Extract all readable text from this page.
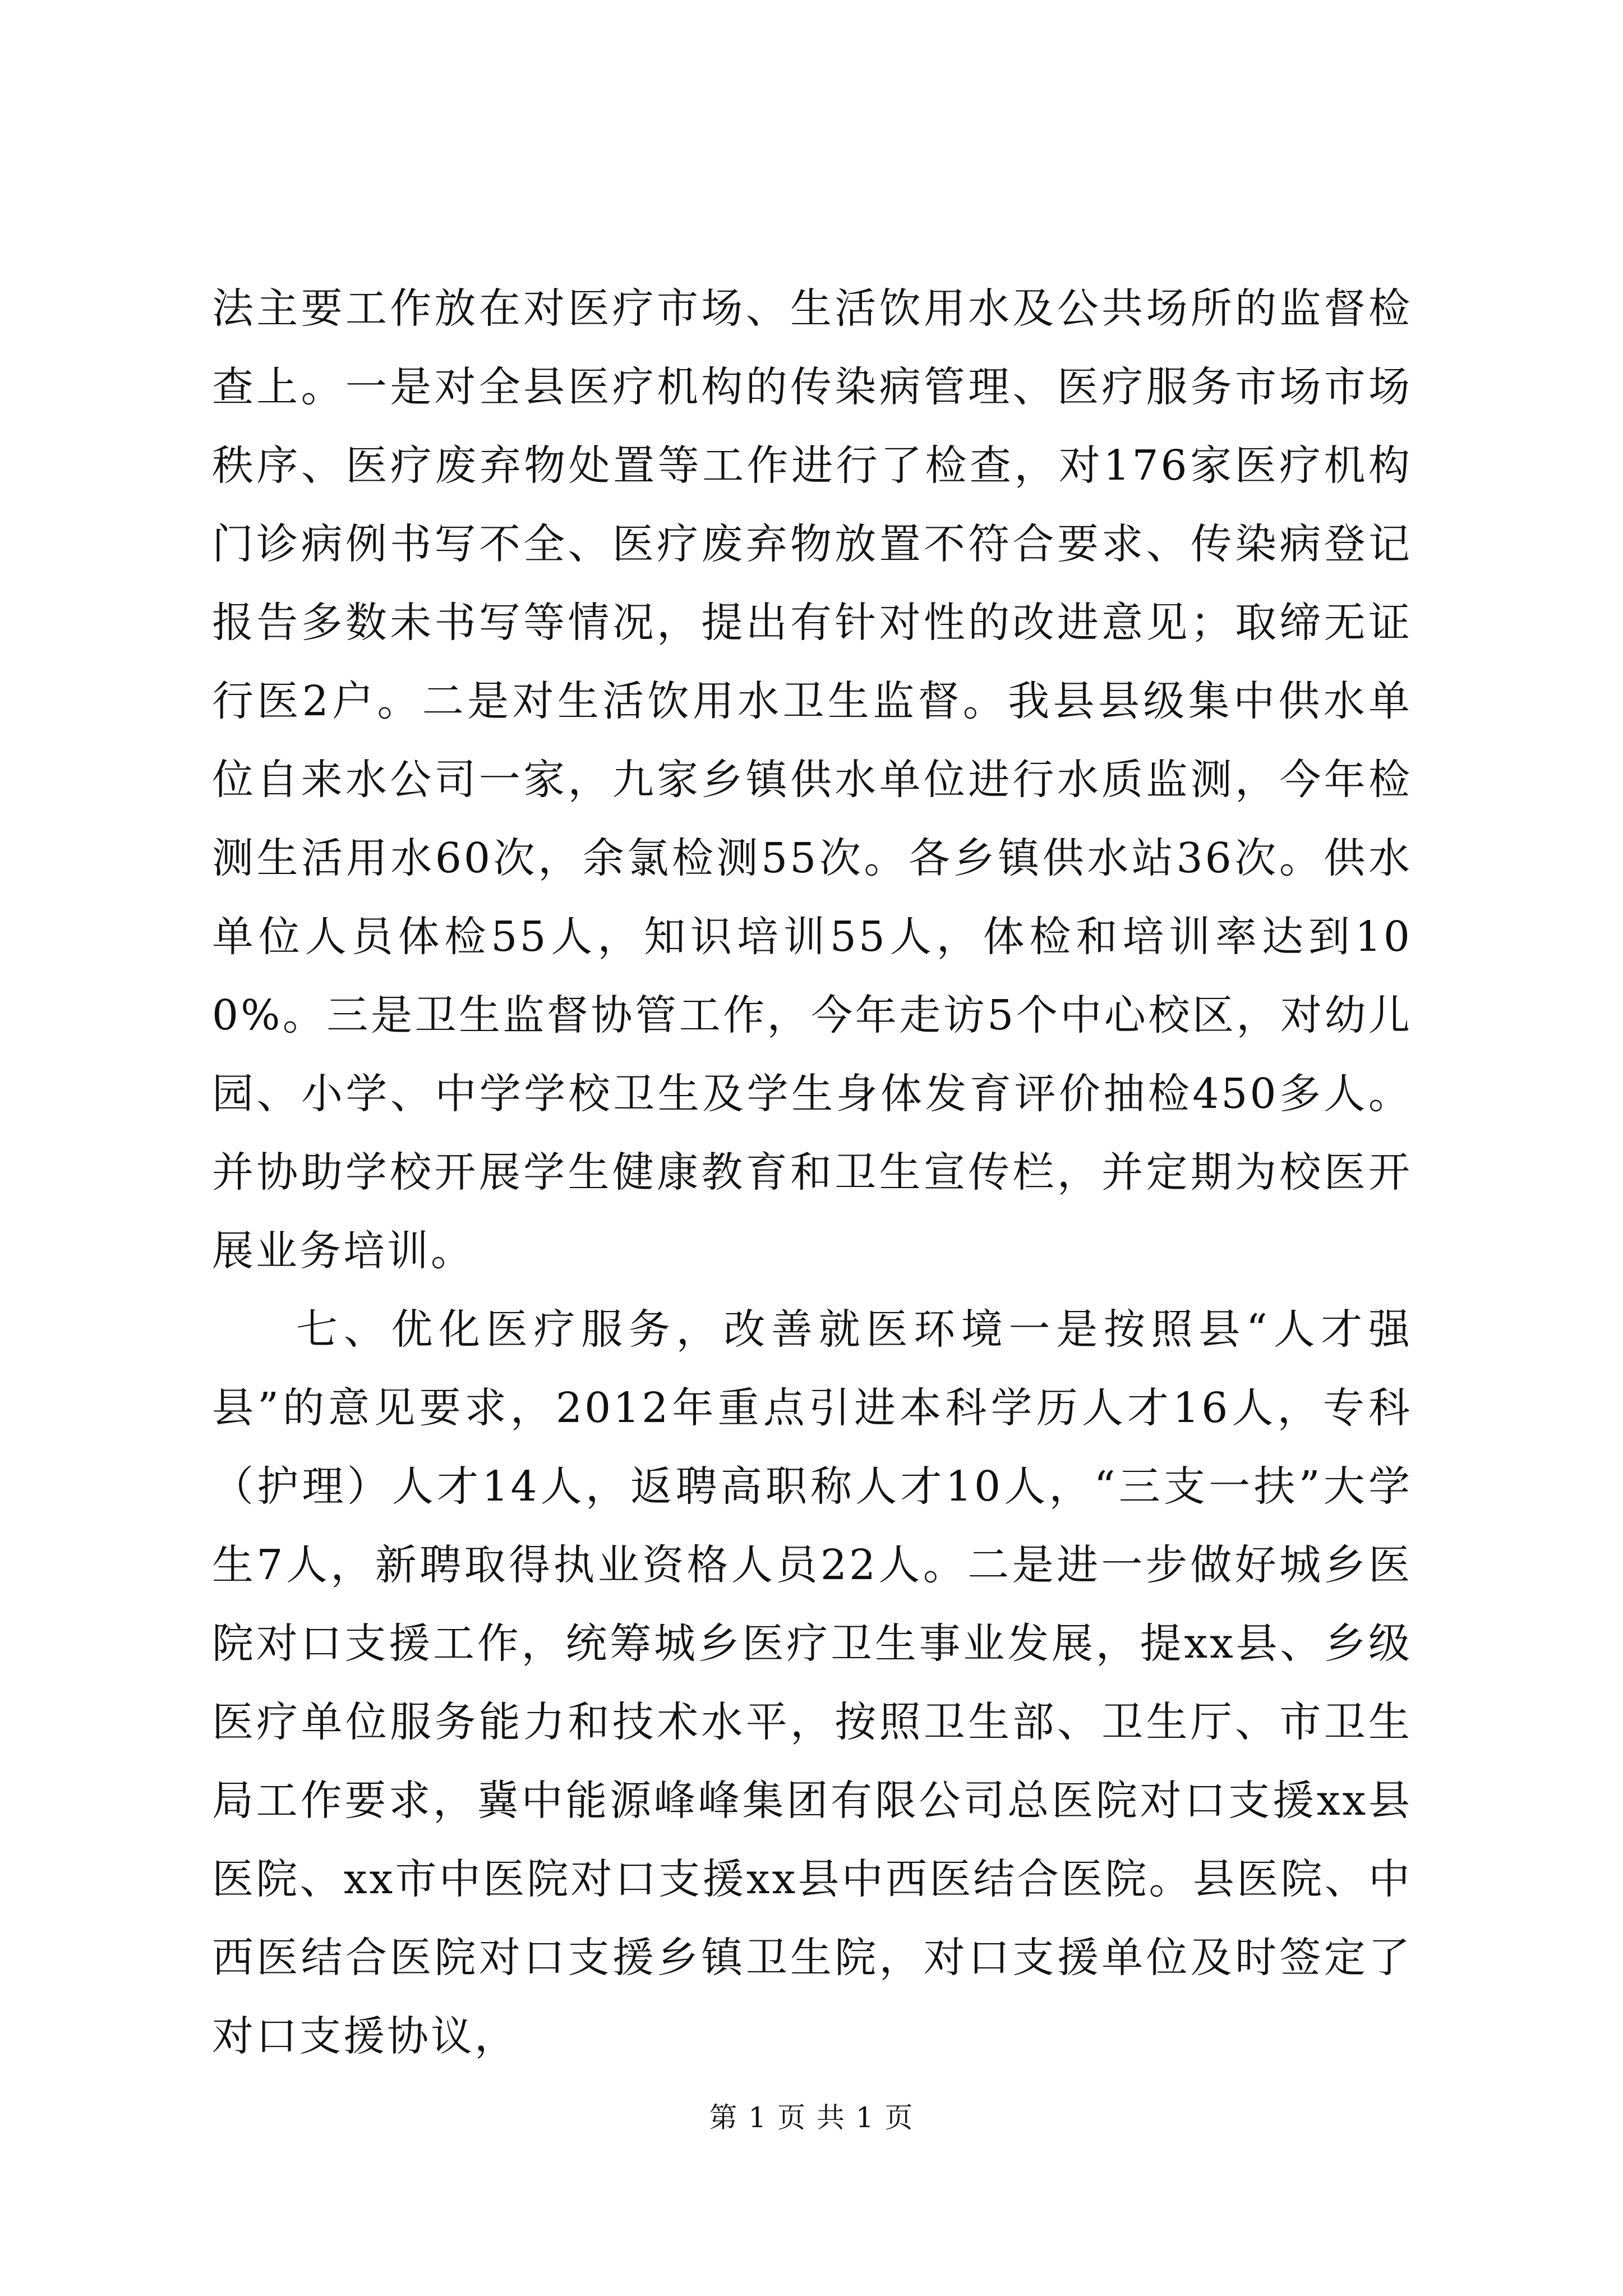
法主要工作放在对医疗市场、生活饮用水及公共场所的监督检查上。一是对全县医疗机构的传染病管理、医疗服务市场市场秩序、医疗废弃物处置等工作进行了检查，对176家医疗机构门诊病例书写不全、医疗废弃物放置不符合要求、传染病登记报告多数未书写等情况，提出有针对性的改进意见；取缔无证行医2户。二是对生活饮用水卫生监督。我县县级集中供水单位自来水公司一家，九家乡镇供水单位进行水质监测，今年检测生活用水60次，余氯检测55次。各乡镇供水站36次。供水单位人员体检55人，知识培训55人，体检和培训率达到100%。三是卫生监督协管工作，今年走访5个中心校区，对幼儿园、小学、中学学校卫生及学生身体发育评价抽检450多人。并协助学校开展学生健康教育和卫生宣传栏，并定期为校医开展业务培训。

七、优化医疗服务，改善就医环境一是按照县“人才强县”的意见要求，2012年重点引进本科学历人才16人，专科（护理）人才14人，返聘高职称人才10人，“三支一扶”大学生7人，新聘取得执业资格人员22人。二是进一步做好城乡医院对口支援工作，统筹城乡医疗卫生事业发展，提xx县、乡级医疗单位服务能力和技术水平，按照卫生部、卫生厅、市卫生局工作要求，冀中能源峰峰集团有限公司总医院对口支援xx县医院、xx市中医院对口支援xx县中西医结合医院。县医院、中西医结合医院对口支援乡镇卫生院，对口支援单位及时签定了对口支援协议，

第 1 页 共 1 页
